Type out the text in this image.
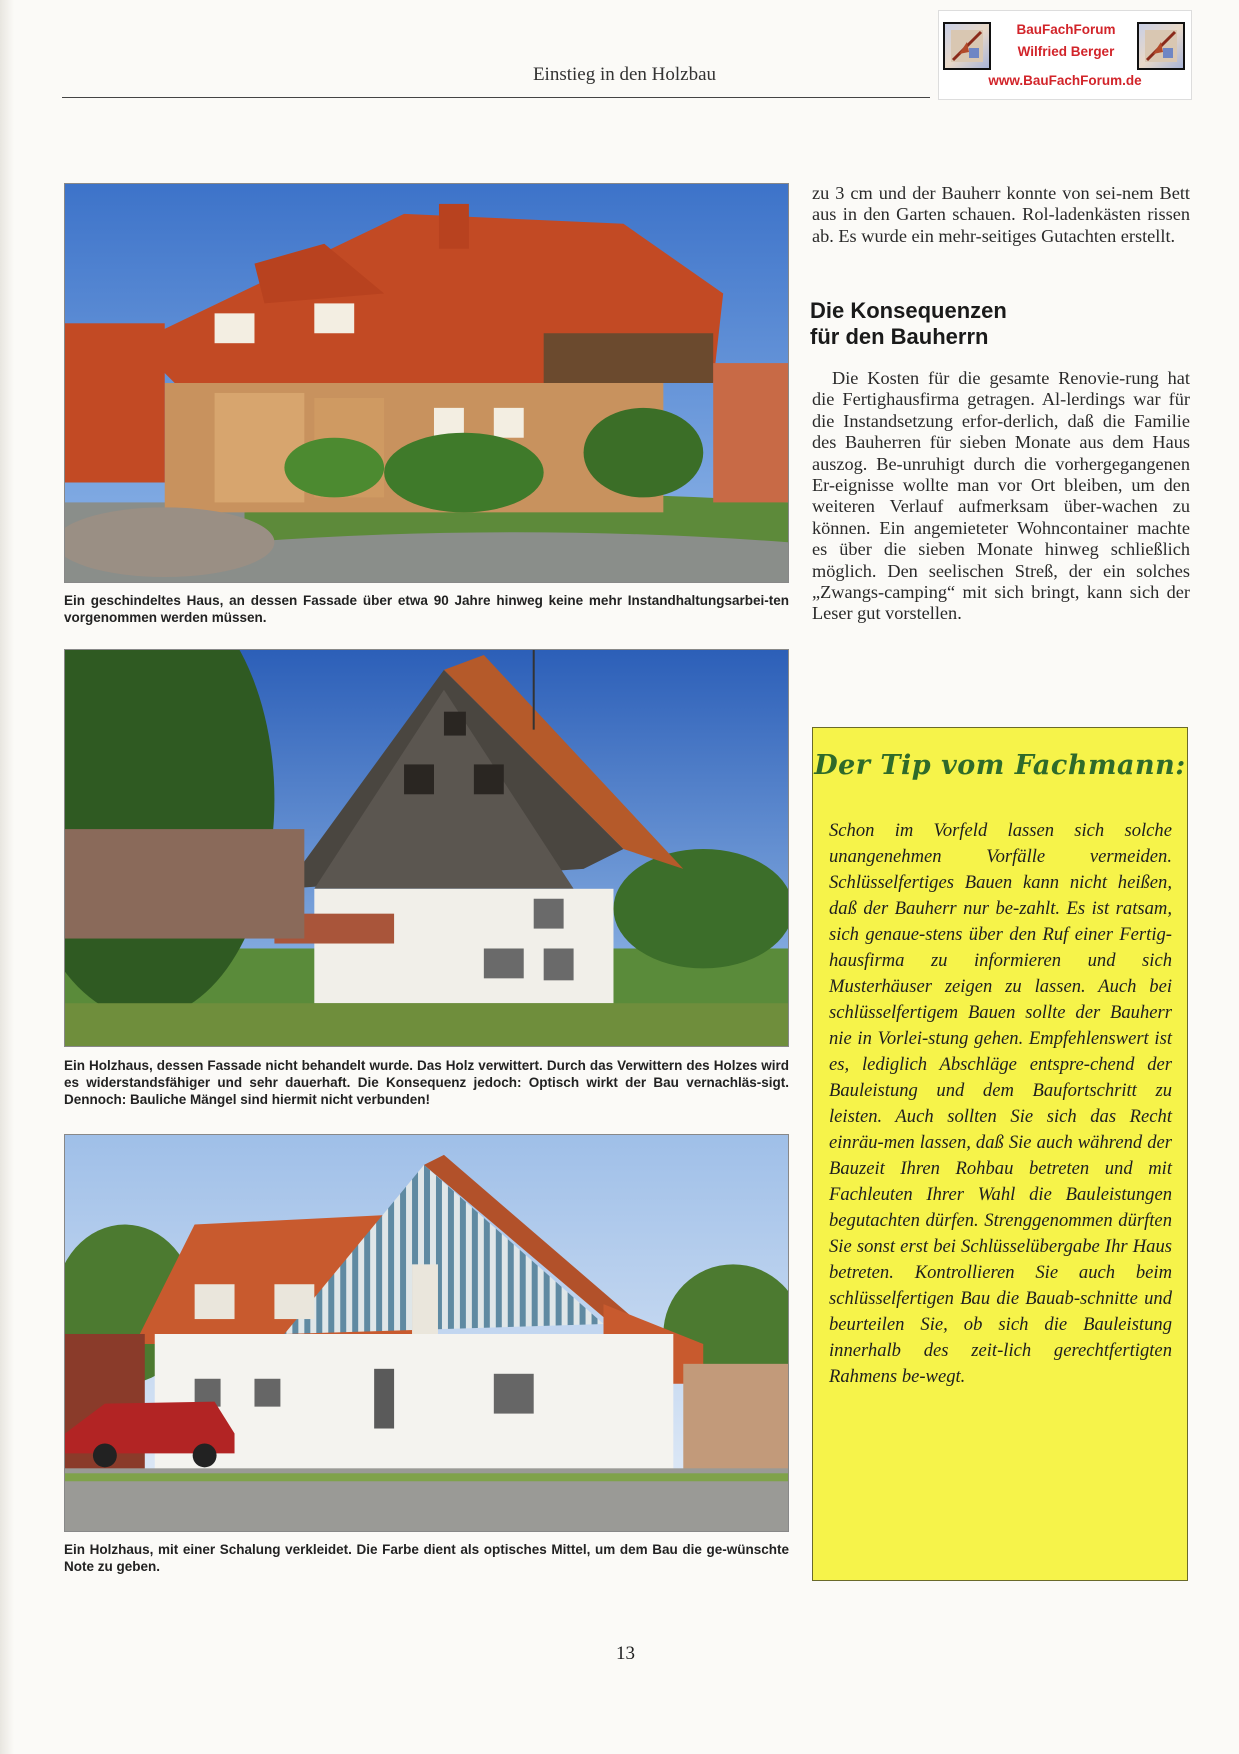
Einstieg in den Holzbau
BauFachForum
Wilfried Berger
www.BauFachForum.de
Ein geschindeltes Haus, an dessen Fassade über etwa 90 Jahre hinweg keine mehr Instandhaltungsarbei-ten vorgenommen werden müssen.
Ein Holzhaus, dessen Fassade nicht behandelt wurde. Das Holz verwittert. Durch das Verwittern des Holzes wird es widerstandsfähiger und sehr dauerhaft. Die Konsequenz jedoch: Optisch wirkt der Bau vernachläs-sigt. Dennoch: Bauliche Mängel sind hiermit nicht verbunden!
Ein Holzhaus, mit einer Schalung verkleidet. Die Farbe dient als optisches Mittel, um dem Bau die ge-wünschte Note zu geben.
zu 3 cm und der Bauherr konnte von sei-nem Bett aus in den Garten schauen. Rol-ladenkästen rissen ab. Es wurde ein mehr-seitiges Gutachten erstellt.
Die Konsequenzen
für den Bauherrn
Die Kosten für die gesamte Renovie-rung hat die Fertighausfirma getragen. Al-lerdings war für die Instandsetzung erfor-derlich, daß die Familie des Bauherren für sieben Monate aus dem Haus auszog. Be-unruhigt durch die vorhergegangenen Er-eignisse wollte man vor Ort bleiben, um den weiteren Verlauf aufmerksam über-wachen zu können. Ein angemieteter Wohncontainer machte es über die sieben Monate hinweg schließlich möglich. Den seelischen Streß, der ein solches „Zwangs-camping“ mit sich bringt, kann sich der Leser gut vorstellen.
Der Tip vom Fachmann:
Schon im Vorfeld lassen sich solche unangenehmen Vorfälle vermeiden. Schlüsselfertiges Bauen kann nicht heißen, daß der Bauherr nur be-zahlt. Es ist ratsam, sich genaue-stens über den Ruf einer Fertig-hausfirma zu informieren und sich Musterhäuser zeigen zu lassen. Auch bei schlüsselfertigem Bauen sollte der Bauherr nie in Vorlei-stung gehen. Empfehlenswert ist es, lediglich Abschläge entspre-chend der Bauleistung und dem Baufortschritt zu leisten. Auch sollten Sie sich das Recht einräu-men lassen, daß Sie auch während der Bauzeit Ihren Rohbau betreten und mit Fachleuten Ihrer Wahl die Bauleistungen begutachten dürfen. Strenggenommen dürften Sie sonst erst bei Schlüsselübergabe Ihr Haus betreten. Kontrollieren Sie auch beim schlüsselfertigen Bau die Bauab-schnitte und beurteilen Sie, ob sich die Bauleistung innerhalb des zeit-lich gerechtfertigten Rahmens be-wegt.
13
